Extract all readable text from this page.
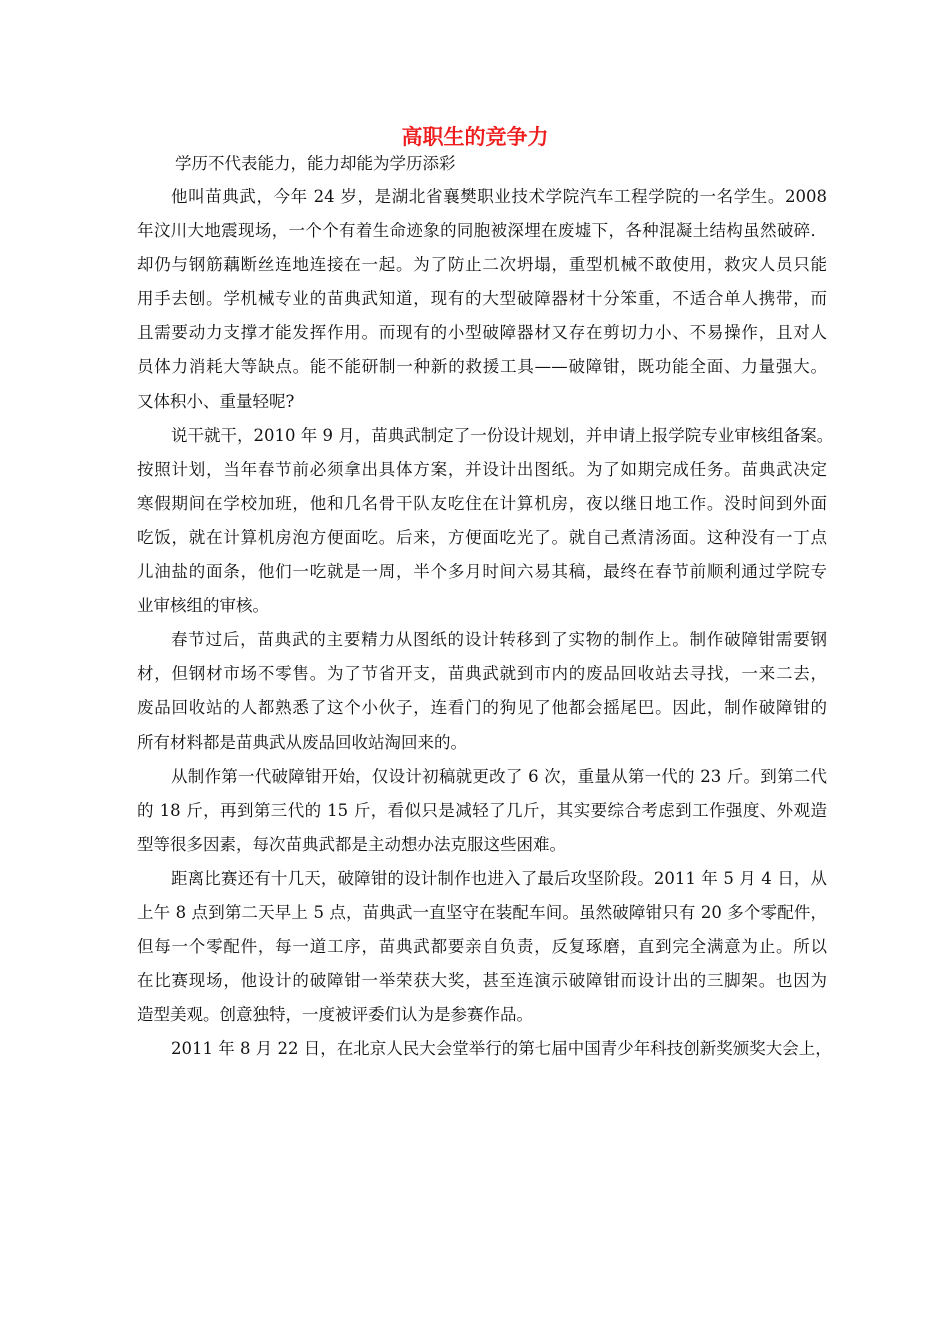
高职生的竞争力
学历不代表能力，能力却能为学历添彩
他叫苗典武，今年 24 岁，是湖北省襄樊职业技术学院汽车工程学院的一名学生。2008
年汶川大地震现场，一个个有着生命迹象的同胞被深埋在废墟下，各种混凝土结构虽然破碎．
却仍与钢筋藕断丝连地连接在一起。为了防止二次坍塌，重型机械不敢使用，救灾人员只能
用手去刨。学机械专业的苗典武知道，现有的大型破障器材十分笨重，不适合单人携带，而
且需要动力支撑才能发挥作用。而现有的小型破障器材又存在剪切力小、不易操作，且对人
员体力消耗大等缺点。能不能研制一种新的救援工具——破障钳，既功能全面、力量强大。
又体积小、重量轻呢?
说干就干，2010 年 9 月，苗典武制定了一份设计规划，并申请上报学院专业审核组备案。
按照计划，当年春节前必须拿出具体方案，并设计出图纸。为了如期完成任务。苗典武决定
寒假期间在学校加班，他和几名骨干队友吃住在计算机房，夜以继日地工作。没时间到外面
吃饭，就在计算机房泡方便面吃。后来，方便面吃光了。就自己煮清汤面。这种没有一丁点
儿油盐的面条，他们一吃就是一周，半个多月时间六易其稿，最终在春节前顺利通过学院专
业审核组的审核。
春节过后，苗典武的主要精力从图纸的设计转移到了实物的制作上。制作破障钳需要钢
材，但钢材市场不零售。为了节省开支，苗典武就到市内的废品回收站去寻找，一来二去，
废品回收站的人都熟悉了这个小伙子，连看门的狗见了他都会摇尾巴。因此，制作破障钳的
所有材料都是苗典武从废品回收站淘回来的。
从制作第一代破障钳开始，仅设计初稿就更改了 6 次，重量从第一代的 23 斤。到第二代
的 18 斤，再到第三代的 15 斤，看似只是减轻了几斤，其实要综合考虑到工作强度、外观造
型等很多因素，每次苗典武都是主动想办法克服这些困难。
距离比赛还有十几天，破障钳的设计制作也进入了最后攻坚阶段。2011 年 5 月 4 日，从
上午 8 点到第二天早上 5 点，苗典武一直坚守在装配车间。虽然破障钳只有 20 多个零配件，
但每一个零配件，每一道工序，苗典武都要亲自负责，反复琢磨，直到完全满意为止。所以
在比赛现场，他设计的破障钳一举荣获大奖，甚至连演示破障钳而设计出的三脚架。也因为
造型美观。创意独特，一度被评委们认为是参赛作品。
2011 年 8 月 22 日，在北京人民大会堂举行的第七届中国青少年科技创新奖颁奖大会上，
